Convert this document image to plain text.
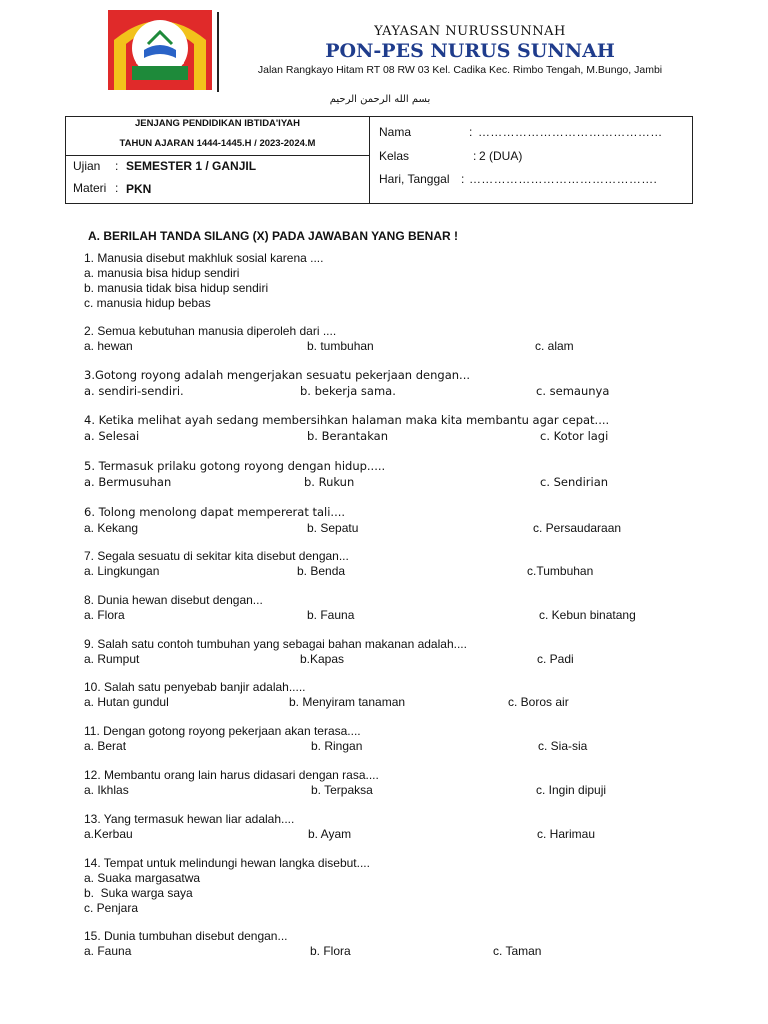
معهد نور السنة
YAYASAN NURUSSUNNAH
PON-PES NURUS SUNNAH
Jalan Rangkayo Hitam RT 08 RW 03 Kel. Cadika Kec. Rimbo Tengah, M.Bungo, Jambi
بسم الله الرحمن الرحيم
JENJANG PENDIDIKAN IBTIDA'IYAH
TAHUN AJARAN 1444-1445.H / 2023-2024.M
Ujian : SEMESTER 1 / GANJIL
Materi : PKN
Nama	: ………………………………………
Kelas	: 2 (DUA)
Hari, Tanggal : ……………………………………….
A. BERILAH TANDA SILANG (X) PADA JAWABAN YANG BENAR !
1. Manusia disebut makhluk sosial karena ....
a. manusia bisa hidup sendiri
b. manusia tidak bisa hidup sendiri
c. manusia hidup bebas
2. Semua kebutuhan manusia diperoleh dari ....
a. hewan	b. tumbuhan	c. alam
3.Gotong royong adalah mengerjakan sesuatu pekerjaan dengan...
a. sendiri-sendiri.	b. bekerja sama.	c. semaunya
4. Ketika melihat ayah sedang membersihkan halaman maka kita membantu agar cepat....
a. Selesai	b. Berantakan	c. Kotor lagi
5. Termasuk prilaku gotong royong dengan hidup.....
a. Bermusuhan	b. Rukun	c. Sendirian
6. Tolong menolong dapat mempererat tali....
a. Kekang	b. Sepatu	c. Persaudaraan
7. Segala sesuatu di sekitar kita disebut dengan...
a. Lingkungan	b. Benda	c.Tumbuhan
8. Dunia hewan disebut dengan...
a. Flora	b. Fauna	c. Kebun binatang
9. Salah satu contoh tumbuhan yang sebagai bahan makanan adalah....
a. Rumput	b.Kapas	c. Padi
10. Salah satu penyebab banjir adalah.....
a. Hutan gundul	b. Menyiram tanaman	c. Boros air
11. Dengan gotong royong pekerjaan akan terasa....
a. Berat	b. Ringan	c. Sia-sia
12. Membantu orang lain harus didasari dengan rasa....
a. Ikhlas	b. Terpaksa	c. Ingin dipuji
13. Yang termasuk hewan liar adalah....
a.Kerbau	b. Ayam	c. Harimau
14. Tempat untuk melindungi hewan langka disebut....
a. Suaka margasatwa
b.  Suka warga saya
c. Penjara
15. Dunia tumbuhan disebut dengan...
a. Fauna	b. Flora	c. Taman
